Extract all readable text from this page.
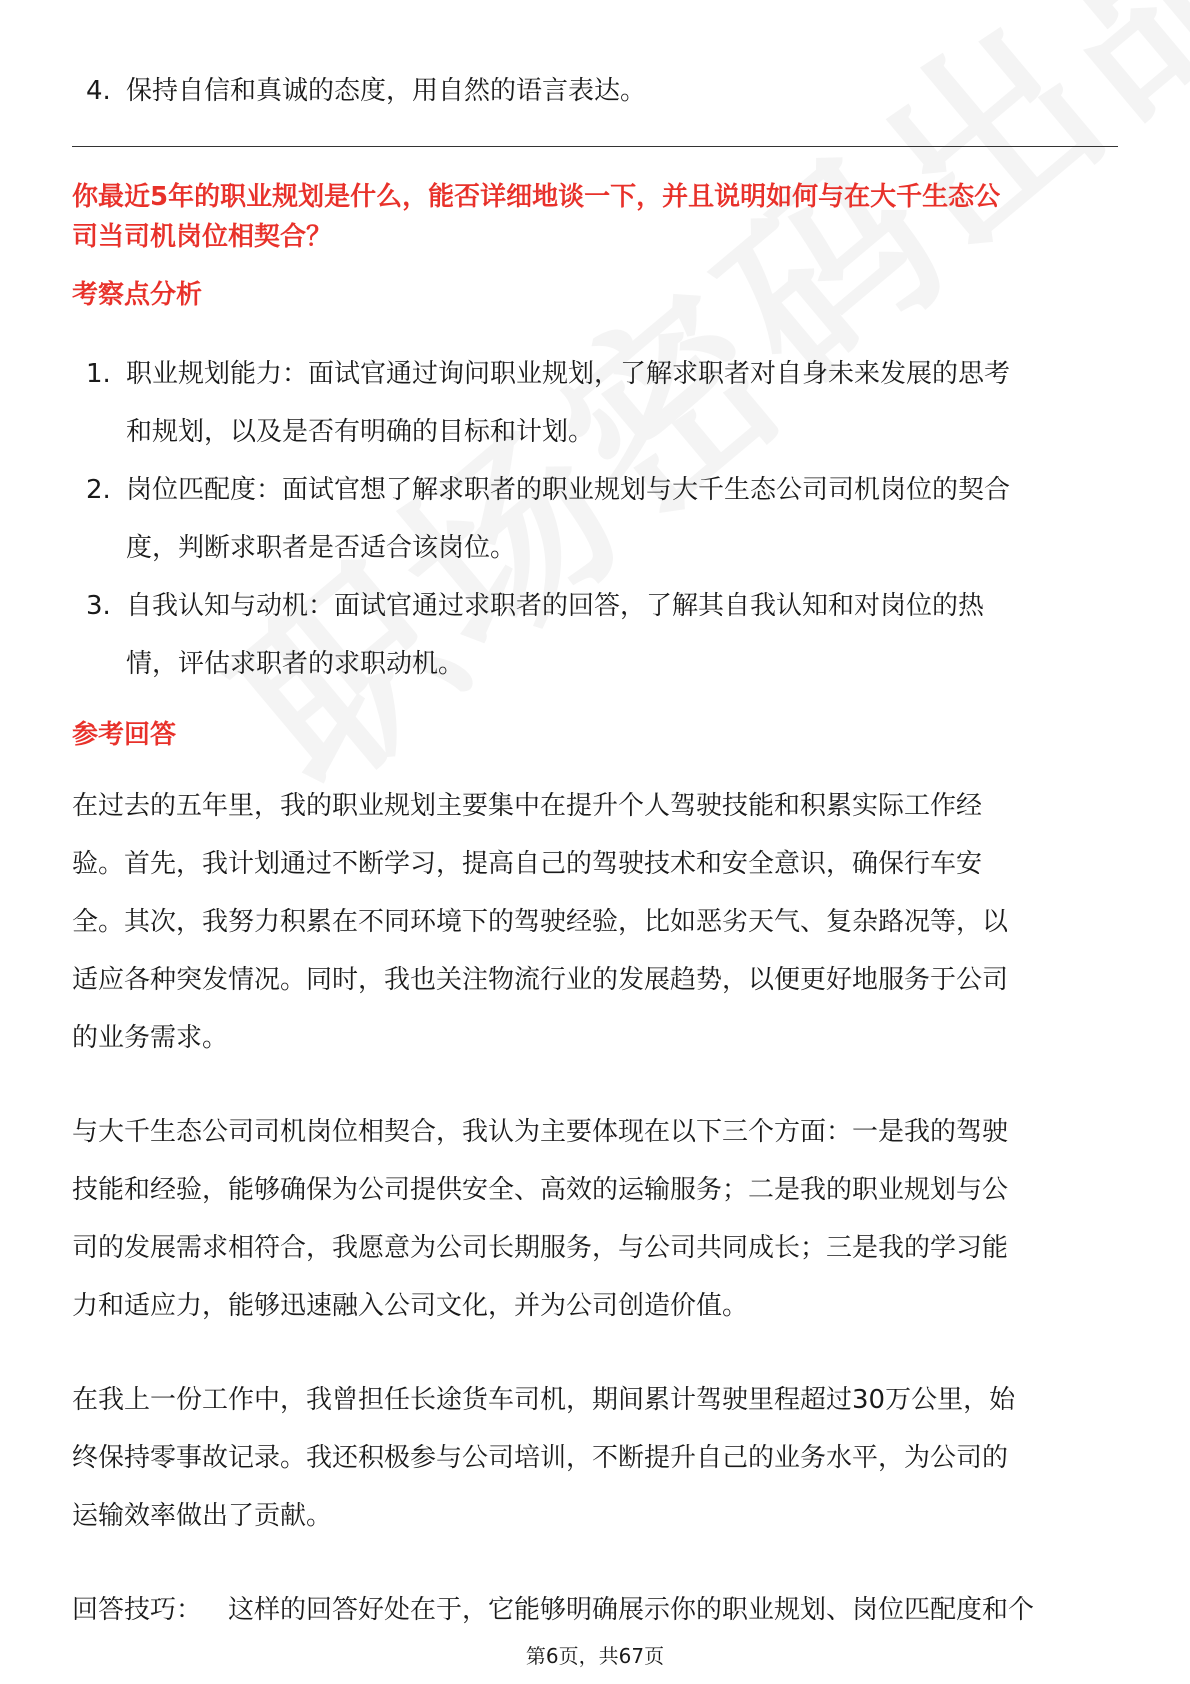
4. 保持自信和真诚的态度，用自然的语言表达。
你最近5年的职业规划是什么，能否详细地谈一下，并且说明如何与在大千生态公
司当司机岗位相契合？
考察点分析
1. 职业规划能力：面试官通过询问职业规划，了解求职者对自身未来发展的思考
和规划，以及是否有明确的目标和计划。
2. 岗位匹配度：面试官想了解求职者的职业规划与大千生态公司司机岗位的契合
度，判断求职者是否适合该岗位。
3. 自我认知与动机：面试官通过求职者的回答，了解其自我认知和对岗位的热
情，评估求职者的求职动机。
参考回答
在过去的五年里，我的职业规划主要集中在提升个人驾驶技能和积累实际工作经
验。首先，我计划通过不断学习，提高自己的驾驶技术和安全意识，确保行车安
全。其次，我努力积累在不同环境下的驾驶经验，比如恶劣天气、复杂路况等，以
适应各种突发情况。同时，我也关注物流行业的发展趋势，以便更好地服务于公司
的业务需求。
与大千生态公司司机岗位相契合，我认为主要体现在以下三个方面：一是我的驾驶
技能和经验，能够确保为公司提供安全、高效的运输服务；二是我的职业规划与公
司的发展需求相符合，我愿意为公司长期服务，与公司共同成长；三是我的学习能
力和适应力，能够迅速融入公司文化，并为公司创造价值。
在我上一份工作中，我曾担任长途货车司机，期间累计驾驶里程超过30万公里，始
终保持零事故记录。我还积极参与公司培训，不断提升自己的业务水平，为公司的
运输效率做出了贡献。
回答技巧： 这样的回答好处在于，它能够明确展示你的职业规划、岗位匹配度和个
第6页，共67页
